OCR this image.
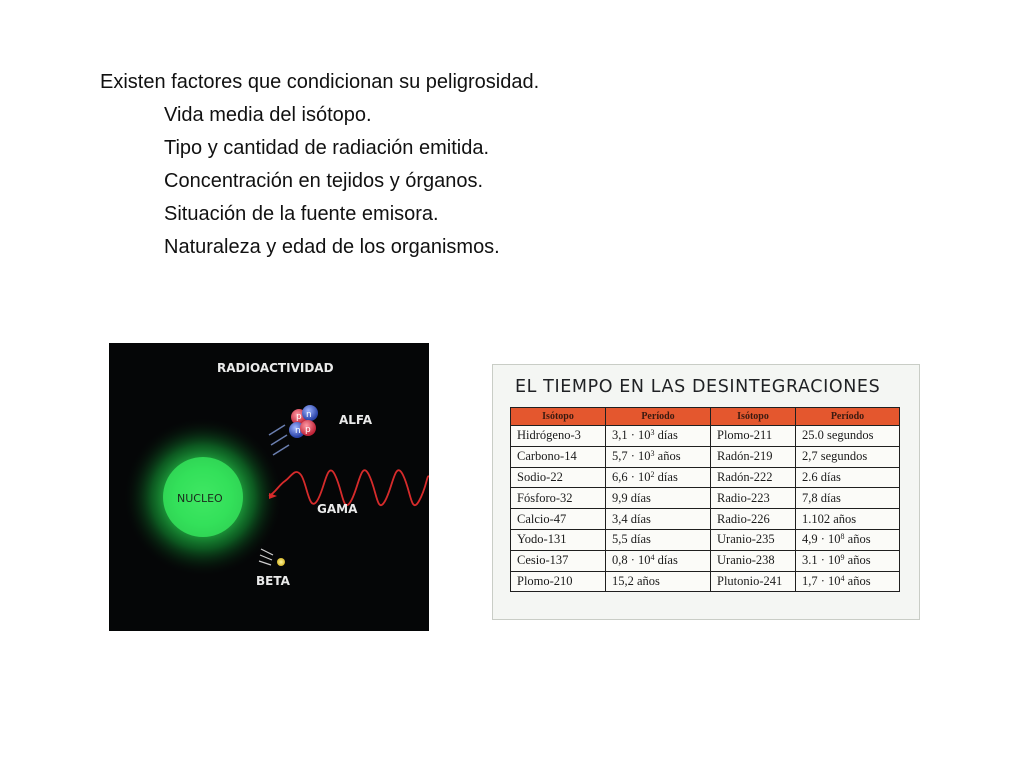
Existen factores que condicionan su peligrosidad.

Vida media del isótopo.
Tipo y cantidad de radiación emitida.
Concentración en tejidos y órganos.
Situación de la fuente emisora.
Naturaleza y edad de los organismos.
RADIOACTIVIDAD
NUCLEO
n
p
n
p	ALFA
GAMA
BETA
EL TIEMPO EN LAS DESINTEGRACIONES
Isótopo	Período	Isótopo	Período
Hidrógeno-3	$3,1 \cdot 10^3$ días	Plomo-211	25.0 segundos
Carbono-14	$5,7 \cdot 10^3$ años	Radón-219	2,7 segundos
Sodio-22	$6,6 \cdot 10^2$ días	Radón-222	2.6 días
Fósforo-32	9,9 días	Radio-223	7,8 días
Calcio-47	3,4 días	Radio-226	1.102 años
Yodo-131	5,5 días	Uranio-235	$4,9 \cdot 10^8$ años
Cesio-137	$0,8 \cdot 10^4$ días	Uranio-238	$3.1 \cdot 10^9$ años
Plomo-210	15,2 años	Plutonio-241	$1,7 \cdot 10^4$ años
